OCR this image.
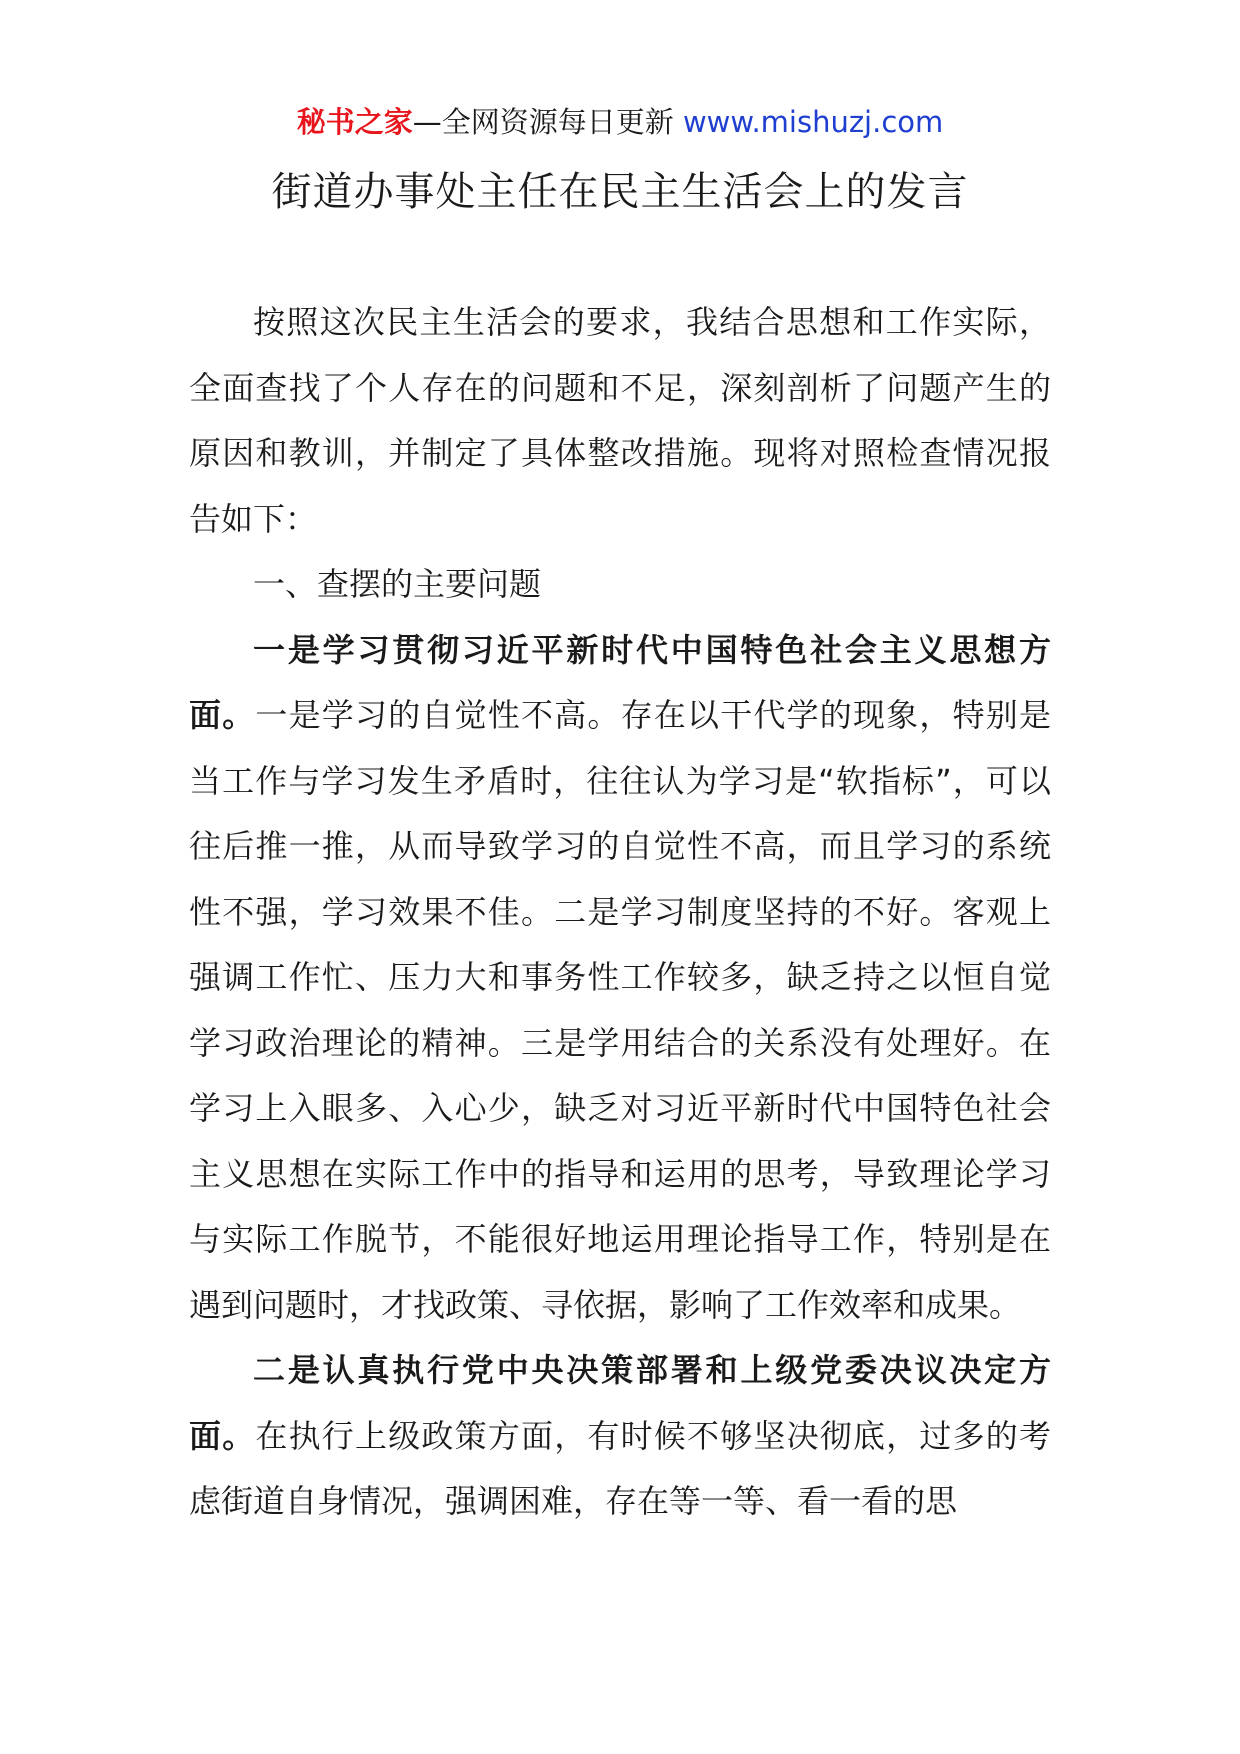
秘书之家—全网资源每日更新 www.mishuzj.com
街道办事处主任在民主生活会上的发言

按照这次民主生活会的要求，我结合思想和工作实际，全面查找了个人存在的问题和不足，深刻剖析了问题产生的原因和教训，并制定了具体整改措施。现将对照检查情况报告如下：

一、查摆的主要问题

一是学习贯彻习近平新时代中国特色社会主义思想方面。一是学习的自觉性不高。存在以干代学的现象，特别是当工作与学习发生矛盾时，往往认为学习是“软指标”，可以往后推一推，从而导致学习的自觉性不高，而且学习的系统性不强，学习效果不佳。二是学习制度坚持的不好。客观上强调工作忙、压力大和事务性工作较多，缺乏持之以恒自觉学习政治理论的精神。三是学用结合的关系没有处理好。在学习上入眼多、入心少，缺乏对习近平新时代中国特色社会主义思想在实际工作中的指导和运用的思考，导致理论学习与实际工作脱节，不能很好地运用理论指导工作，特别是在遇到问题时，才找政策、寻依据，影响了工作效率和成果。

二是认真执行党中央决策部署和上级党委决议决定方面。在执行上级政策方面，有时候不够坚决彻底，过多的考虑街道自身情况，强调困难，存在等一等、看一看的思
